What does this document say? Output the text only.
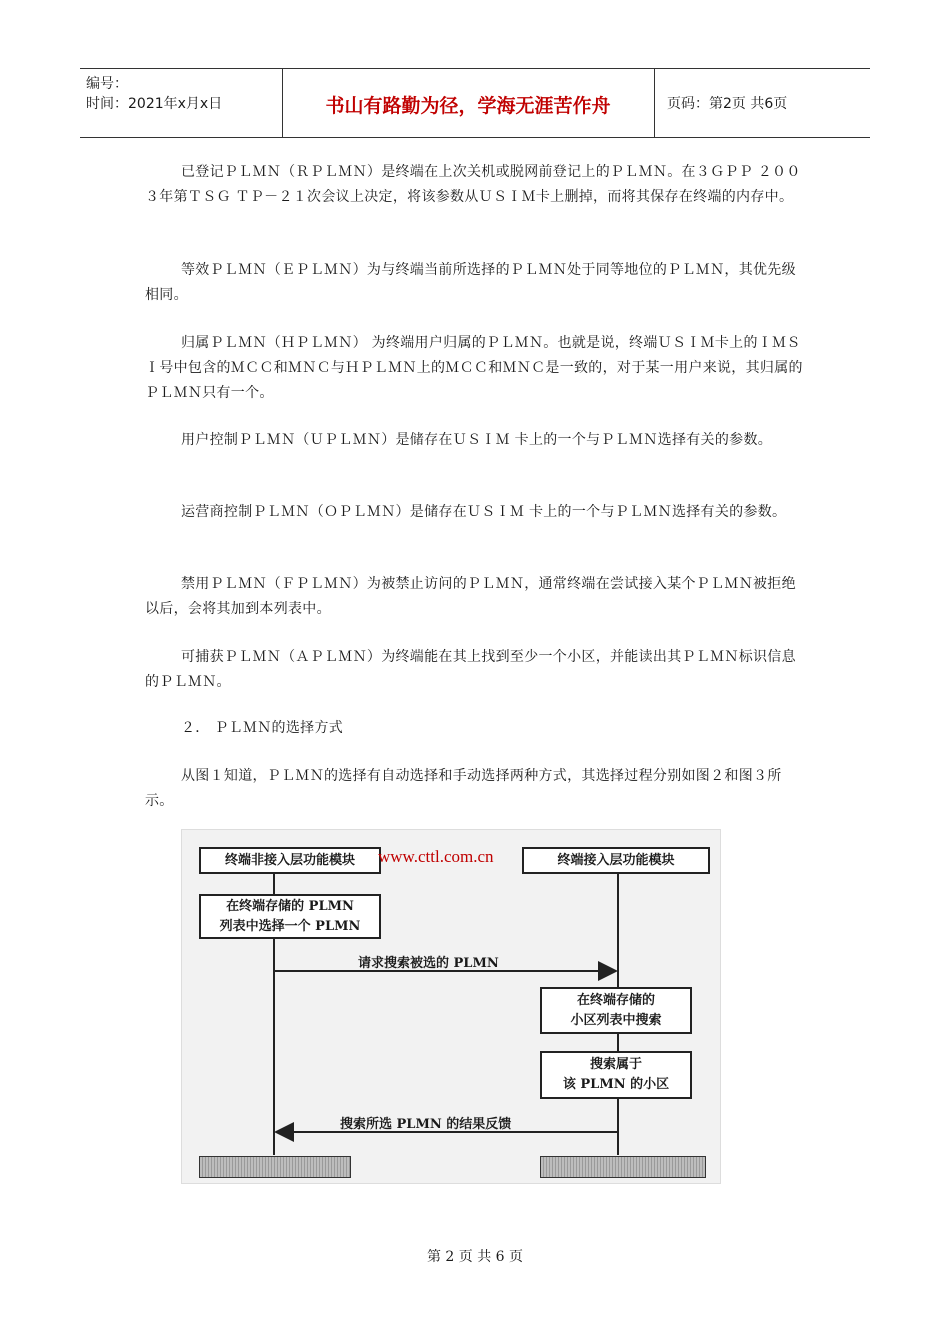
编号：
时间：2021年x月x日	书山有路勤为径，学海无涯苦作舟	页码：第2页 共6页

已登记ＰＬＭＮ（ＲＰＬＭＮ）是终端在上次关机或脱网前登记上的ＰＬＭＮ。在３ＧＰＰ ２００３年第ＴＳＧ ＴＰ－２１次会议上决定，将该参数从ＵＳＩＭ卡上删掉，而将其保存在终端的内存中。

等效ＰＬＭＮ（ＥＰＬＭＮ）为与终端当前所选择的ＰＬＭＮ处于同等地位的ＰＬＭＮ，其优先级相同。

归属ＰＬＭＮ（ＨＰＬＭＮ） 为终端用户归属的ＰＬＭＮ。也就是说，终端ＵＳＩＭ卡上的ＩＭＳＩ号中包含的ＭＣＣ和ＭＮＣ与ＨＰＬＭＮ上的ＭＣＣ和ＭＮＣ是一致的，对于某一用户来说，其归属的ＰＬＭＮ只有一个。

用户控制ＰＬＭＮ（ＵＰＬＭＮ）是储存在ＵＳＩＭ 卡上的一个与ＰＬＭＮ选择有关的参数。

运营商控制ＰＬＭＮ（ＯＰＬＭＮ）是储存在ＵＳＩＭ 卡上的一个与ＰＬＭＮ选择有关的参数。

禁用ＰＬＭＮ（ＦＰＬＭＮ）为被禁止访问的ＰＬＭＮ，通常终端在尝试接入某个ＰＬＭＮ被拒绝以后，会将其加到本列表中。

可捕获ＰＬＭＮ（ＡＰＬＭＮ）为终端能在其上找到至少一个小区，并能读出其ＰＬＭＮ标识信息的ＰＬＭＮ。

２． ＰＬＭＮ的选择方式

从图１知道，ＰＬＭＮ的选择有自动选择和手动选择两种方式，其选择过程分别如图２和图３所示。

终端非接入层功能模块 www.cttl.com.cn	终端接入层功能模块
在终端存储的 PLMN
列表中选择一个 PLMN
请求搜索被选的 PLMN
在终端存储的
小区列表中搜索
搜索属于
该 PLMN 的小区
搜索所选 PLMN 的结果反馈
第 2 页 共 6 页
